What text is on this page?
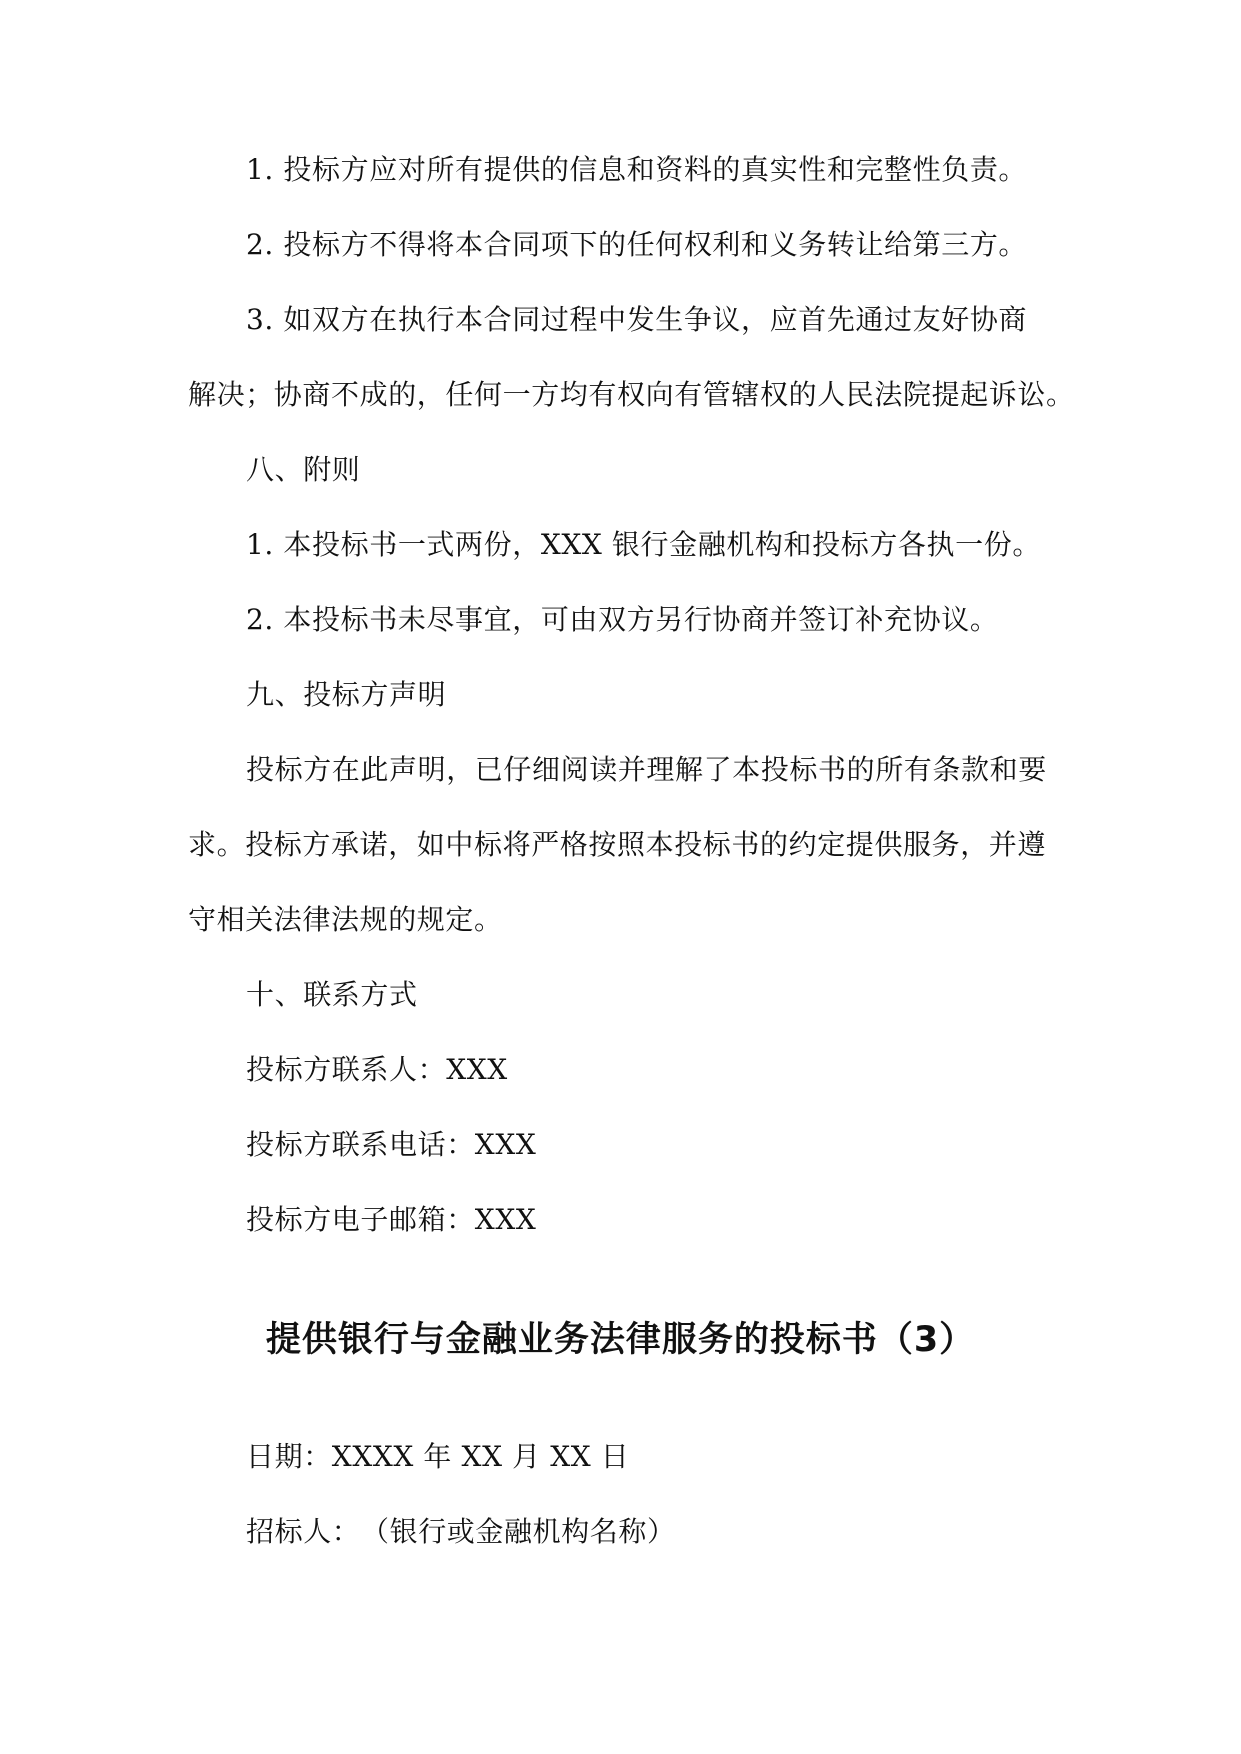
1. 投标方应对所有提供的信息和资料的真实性和完整性负责。
2. 投标方不得将本合同项下的任何权利和义务转让给第三方。
3. 如双方在执行本合同过程中发生争议，应首先通过友好协商
解决；协商不成的，任何一方均有权向有管辖权的人民法院提起诉讼。
八、附则
1. 本投标书一式两份，XXX 银行金融机构和投标方各执一份。
2. 本投标书未尽事宜，可由双方另行协商并签订补充协议。
九、投标方声明
投标方在此声明，已仔细阅读并理解了本投标书的所有条款和要
求。投标方承诺，如中标将严格按照本投标书的约定提供服务，并遵
守相关法律法规的规定。
十、联系方式
投标方联系人：XXX
投标方联系电话：XXX
投标方电子邮箱：XXX
提供银行与金融业务法律服务的投标书（3）
日期：XXXX 年 XX 月 XX 日
招标人：　（银行或金融机构名称）
